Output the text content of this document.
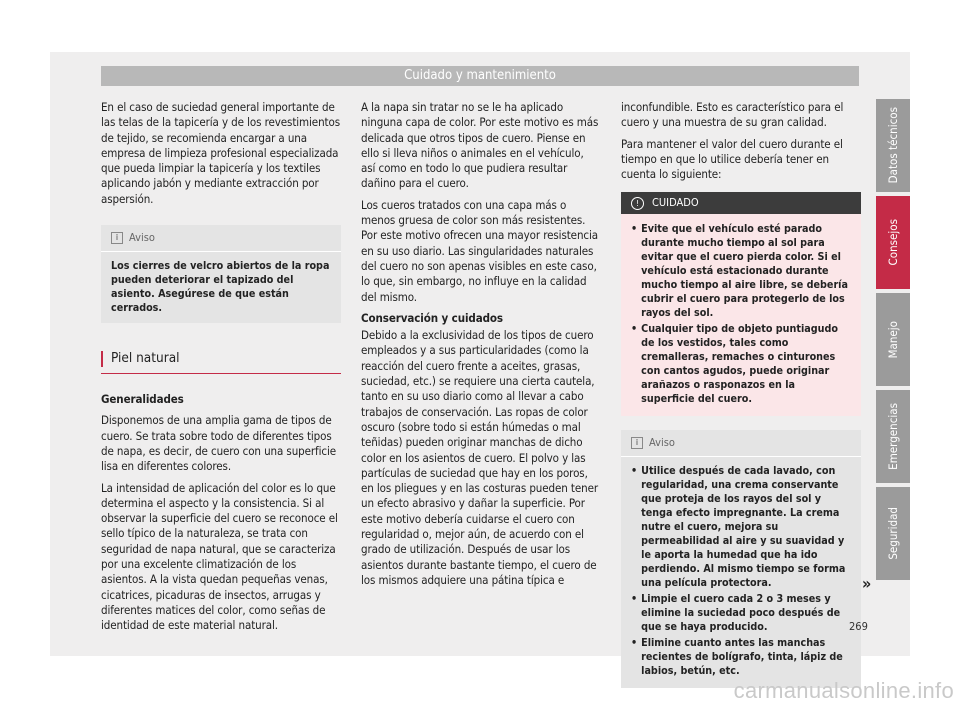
Cuidado y mantenimiento

En el caso de suciedad general importante de las telas de la tapicería y de los revestimientos de tejido, se recomienda encargar a una empresa de limpieza profesional especializada que pueda limpiar la tapicería y los textiles aplicando jabón y mediante extracción por aspersión.

i Aviso
Los cierres de velcro abiertos de la ropa pueden deteriorar el tapizado del asiento. Asegúrese de que están cerrados.
Piel natural

Generalidades

Disponemos de una amplia gama de tipos de cuero. Se trata sobre todo de diferentes tipos de napa, es decir, de cuero con una superficie lisa en diferentes colores.

La intensidad de aplicación del color es lo que determina el aspecto y la consistencia. Si al observar la superficie del cuero se reconoce el sello típico de la naturaleza, se trata con seguridad de napa natural, que se caracteriza por una excelente climatización de los asientos. A la vista quedan pequeñas venas, cicatrices, picaduras de insectos, arrugas y diferentes matices del color, como señas de identidad de este material natural.

A la napa sin tratar no se le ha aplicado ninguna capa de color. Por este motivo es más delicada que otros tipos de cuero. Piense en ello si lleva niños o animales en el vehículo, así como en todo lo que pudiera resultar dañino para el cuero.

Los cueros tratados con una capa más o menos gruesa de color son más resistentes. Por este motivo ofrecen una mayor resistencia en su uso diario. Las singularidades naturales del cuero no son apenas visibles en este caso, lo que, sin embargo, no influye en la calidad del mismo.

Conservación y cuidados

Debido a la exclusividad de los tipos de cuero empleados y a sus particularidades (como la reacción del cuero frente a aceites, grasas, suciedad, etc.) se requiere una cierta cautela, tanto en su uso diario como al llevar a cabo trabajos de conservación. Las ropas de color oscuro (sobre todo si están húmedas o mal teñidas) pueden originar manchas de dicho color en los asientos de cuero. El polvo y las partículas de suciedad que hay en los poros, en los pliegues y en las costuras pueden tener un efecto abrasivo y dañar la superficie. Por este motivo debería cuidarse el cuero con regularidad o, mejor aún, de acuerdo con el grado de utilización. Después de usar los asientos durante bastante tiempo, el cuero de los mismos adquiere una pátina típica e

inconfundible. Esto es característico para el cuero y una muestra de su gran calidad.

Para mantener el valor del cuero durante el tiempo en que lo utilice debería tener en cuenta lo siguiente:

!	CUIDADO
• Evite que el vehículo esté parado durante mucho tiempo al sol para evitar que el cuero pierda color. Si el vehículo está estacionado durante mucho tiempo al aire libre, se debería cubrir el cuero para protegerlo de los rayos del sol.
• Cualquier tipo de objeto puntiagudo de los vestidos, tales como cremalleras, remaches o cinturones con cantos agudos, puede originar arañazos o rasponazos en la superficie del cuero.
i Aviso
• Utilice después de cada lavado, con regularidad, una crema conservante que proteja de los rayos del sol y tenga efecto impregnante. La crema nutre el cuero, mejora su permeabilidad al aire y su suavidad y le aporta la humedad que ha ido perdiendo. Al mismo tiempo se forma una película protectora.
• Limpie el cuero cada 2 o 3 meses y elimine la suciedad poco después de que se haya producido.
• Elimine cuanto antes las manchas recientes de bolígrafo, tinta, lápiz de labios, betún, etc.
»
Datos técnicos
Consejos
Manejo
Emergencias
Seguridad
269
carmanualsonline.info
